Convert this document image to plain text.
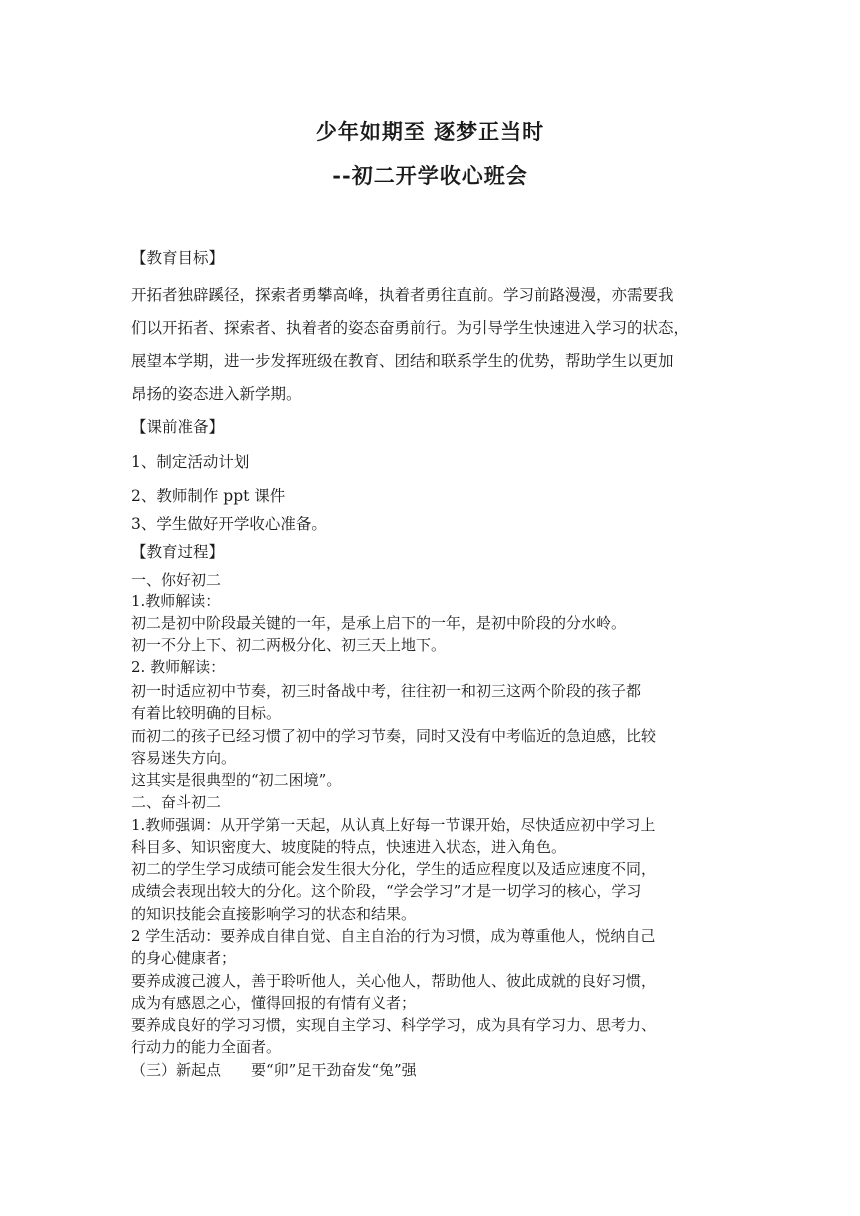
少年如期至 逐梦正当时
--初二开学收心班会
【教育目标】
开拓者独辟蹊径，探索者勇攀高峰，执着者勇往直前。学习前路漫漫，亦需要我
们以开拓者、探索者、执着者的姿态奋勇前行。为引导学生快速进入学习的状态，
展望本学期，进一步发挥班级在教育、团结和联系学生的优势，帮助学生以更加
昂扬的姿态进入新学期。
【课前准备】
1、制定活动计划
2、教师制作 ppt 课件
3、学生做好开学收心准备。
【教育过程】
一、你好初二
1.教师解读：
初二是初中阶段最关键的一年，是承上启下的一年，是初中阶段的分水岭。
初一不分上下、初二两极分化、初三天上地下。
2. 教师解读：
初一时适应初中节奏，初三时备战中考，往往初一和初三这两个阶段的孩子都
有着比较明确的目标。
而初二的孩子已经习惯了初中的学习节奏，同时又没有中考临近的急迫感，比较
容易迷失方向。
这其实是很典型的“初二困境”。
二、奋斗初二
1.教师强调：从开学第一天起，从认真上好每一节课开始，尽快适应初中学习上
科目多、知识密度大、坡度陡的特点，快速进入状态，进入角色。
初二的学生学习成绩可能会发生很大分化，学生的适应程度以及适应速度不同，
成绩会表现出较大的分化。这个阶段，“学会学习”才是一切学习的核心，学习
的知识技能会直接影响学习的状态和结果。
2 学生活动：要养成自律自觉、自主自治的行为习惯，成为尊重他人，悦纳自己
的身心健康者；
要养成渡己渡人，善于聆听他人，关心他人，帮助他人、彼此成就的良好习惯，
成为有感恩之心，懂得回报的有情有义者；
要养成良好的学习习惯，实现自主学习、科学学习，成为具有学习力、思考力、
行动力的能力全面者。
（三）新起点　　要“卯”足干劲奋发“兔”强
